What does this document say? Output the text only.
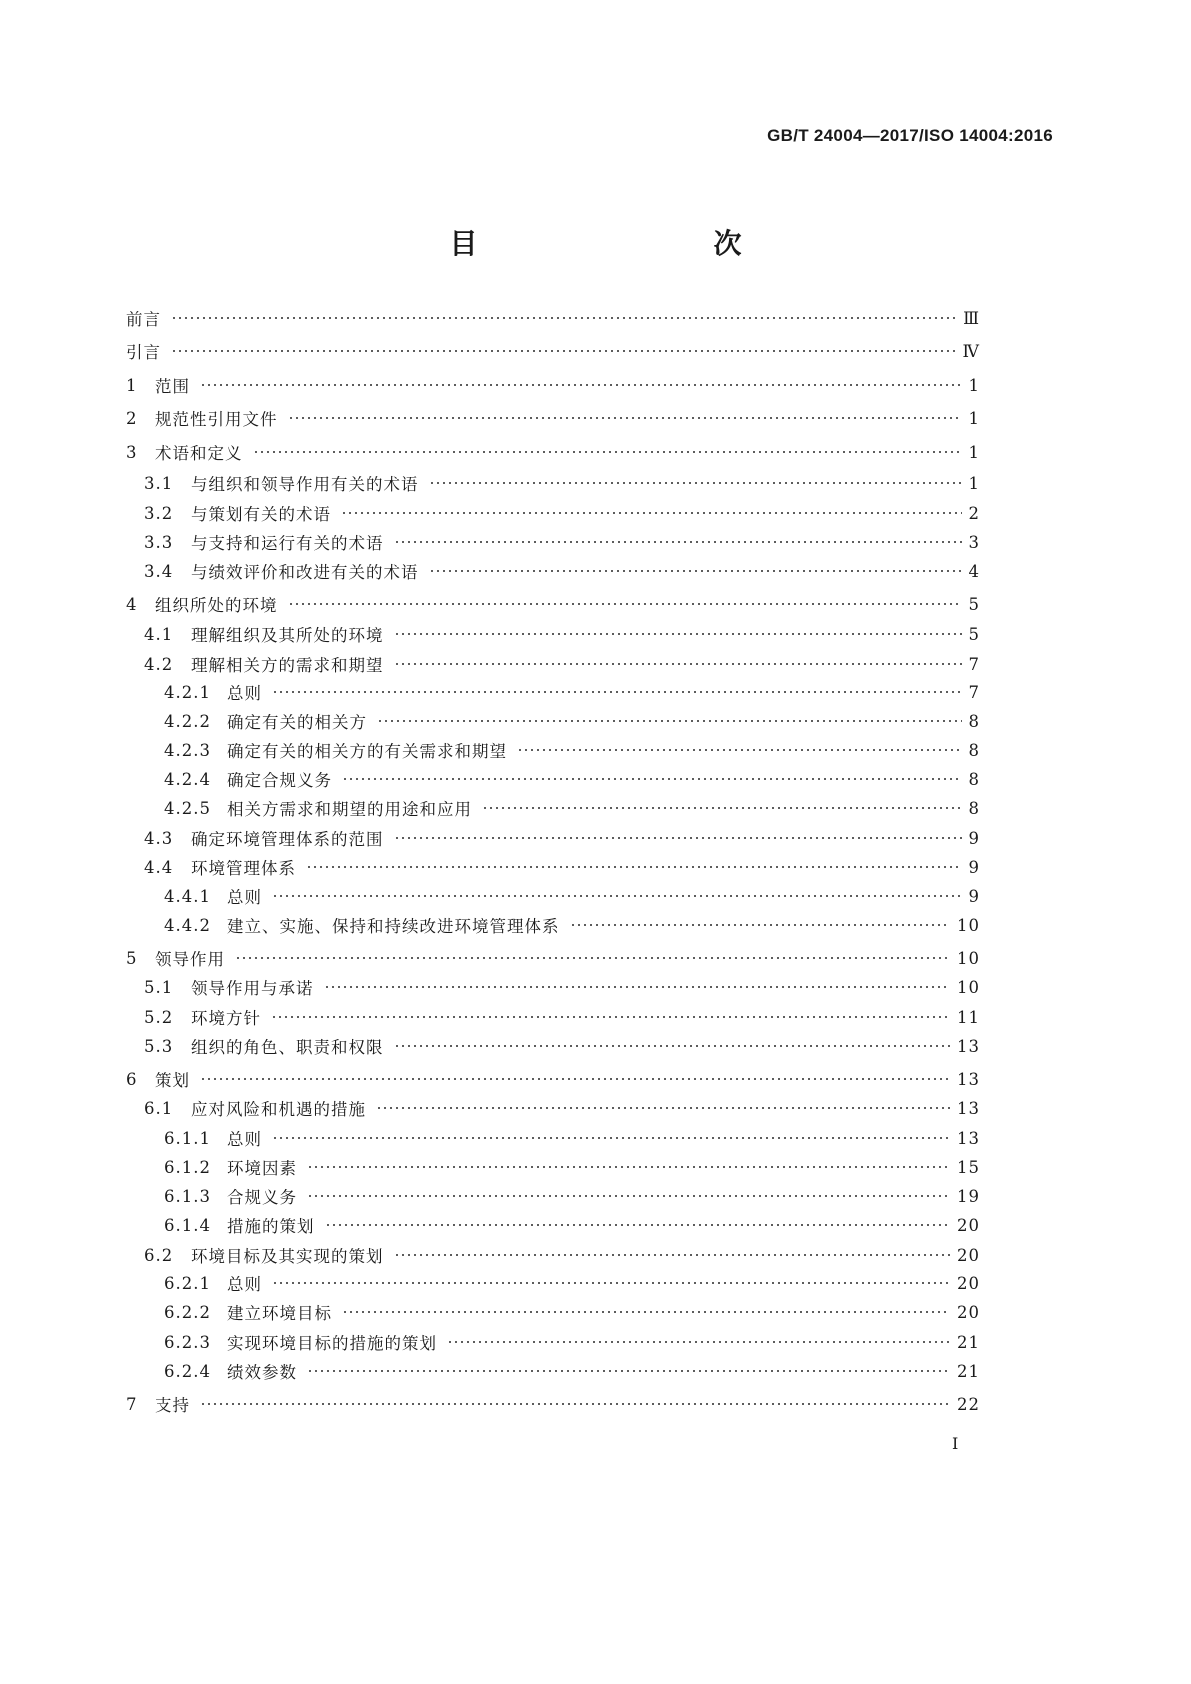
GB/T 24004—2017/ISO 14004:2016
目　　次
前言	Ⅲ
引言	Ⅳ
1	范围	1
2	规范性引用文件	1
3	术语和定义	1
3.1	与组织和领导作用有关的术语	1
3.2	与策划有关的术语	2
3.3	与支持和运行有关的术语	3
3.4	与绩效评价和改进有关的术语	4
4	组织所处的环境	5
4.1	理解组织及其所处的环境	5
4.2	理解相关方的需求和期望	7
4.2.1 总则	7
4.2.2 确定有关的相关方	8
4.2.3 确定有关的相关方的有关需求和期望	8
4.2.4 确定合规义务	8
4.2.5 相关方需求和期望的用途和应用	8
4.3	确定环境管理体系的范围	9
4.4	环境管理体系	9
4.4.1 总则	9
4.4.2 建立、实施、保持和持续改进环境管理体系	10
5	领导作用	10
5.1	领导作用与承诺	10
5.2	环境方针	11
5.3	组织的角色、职责和权限	13
6	策划	13
6.1	应对风险和机遇的措施	13
6.1.1 总则	13
6.1.2 环境因素	15
6.1.3 合规义务	19
6.1.4 措施的策划	20
6.2	环境目标及其实现的策划	20
6.2.1 总则	20
6.2.2 建立环境目标	20
6.2.3 实现环境目标的措施的策划	21
6.2.4 绩效参数	21
7	支持	22
I
